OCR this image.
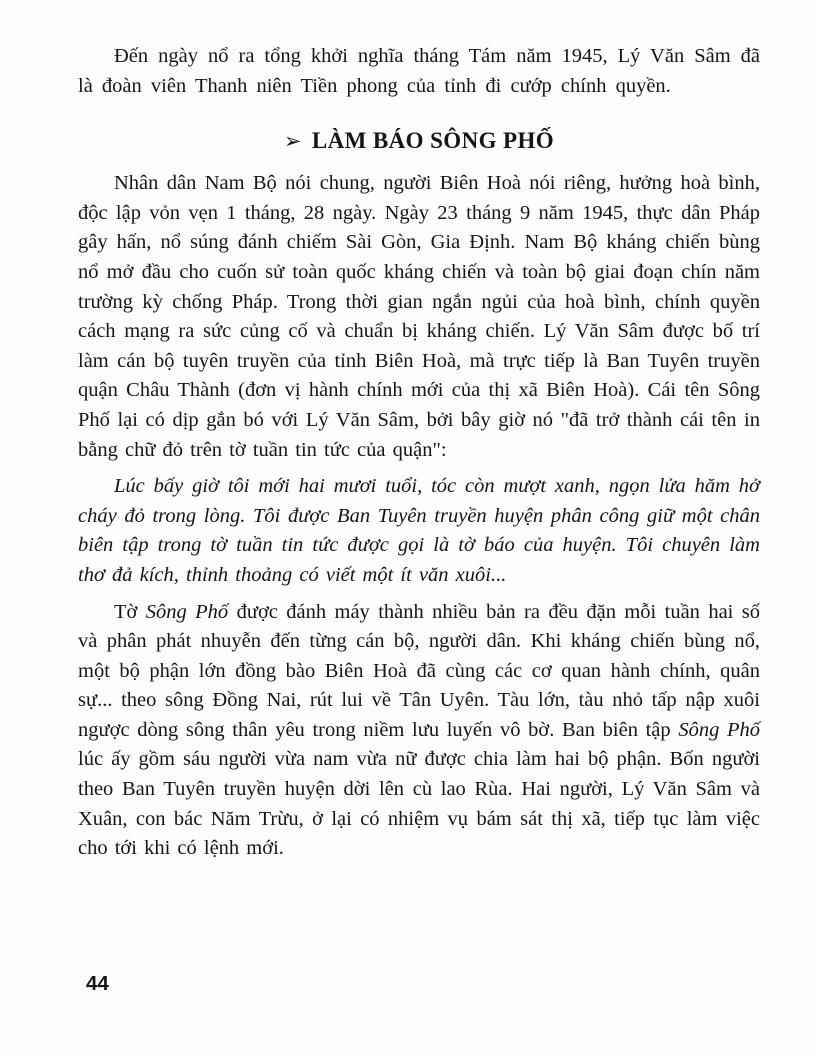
Đến ngày nổ ra tổng khởi nghĩa tháng Tám năm 1945, Lý Văn Sâm đã là đoàn viên Thanh niên Tiền phong của tỉnh đi cướp chính quyền.

➢ LÀM BÁO SÔNG PHỐ

Nhân dân Nam Bộ nói chung, người Biên Hoà nói riêng, hưởng hoà bình, độc lập vỏn vẹn 1 tháng, 28 ngày. Ngày 23 tháng 9 năm 1945, thực dân Pháp gây hấn, nổ súng đánh chiếm Sài Gòn, Gia Định. Nam Bộ kháng chiến bùng nổ mở đầu cho cuốn sử toàn quốc kháng chiến và toàn bộ giai đoạn chín năm trường kỳ chống Pháp. Trong thời gian ngắn ngủi của hoà bình, chính quyền cách mạng ra sức củng cố và chuẩn bị kháng chiến. Lý Văn Sâm được bố trí làm cán bộ tuyên truyền của tỉnh Biên Hoà, mà trực tiếp là Ban Tuyên truyền quận Châu Thành (đơn vị hành chính mới của thị xã Biên Hoà). Cái tên Sông Phố lại có dịp gắn bó với Lý Văn Sâm, bởi bây giờ nó "đã trở thành cái tên in bằng chữ đỏ trên tờ tuần tin tức của quận":

Lúc bấy giờ tôi mới hai mươi tuổi, tóc còn mượt xanh, ngọn lửa hăm hở cháy đỏ trong lòng. Tôi được Ban Tuyên truyền huyện phân công giữ một chân biên tập trong tờ tuần tin tức được gọi là tờ báo của huyện. Tôi chuyên làm thơ đả kích, thỉnh thoảng có viết một ít văn xuôi...

Tờ Sông Phố được đánh máy thành nhiều bản ra đều đặn mỗi tuần hai số và phân phát nhuyễn đến từng cán bộ, người dân. Khi kháng chiến bùng nổ, một bộ phận lớn đồng bào Biên Hoà đã cùng các cơ quan hành chính, quân sự... theo sông Đồng Nai, rút lui về Tân Uyên. Tàu lớn, tàu nhỏ tấp nập xuôi ngược dòng sông thân yêu trong niềm lưu luyến vô bờ. Ban biên tập Sông Phố lúc ấy gồm sáu người vừa nam vừa nữ được chia làm hai bộ phận. Bốn người theo Ban Tuyên truyền huyện dời lên cù lao Rùa. Hai người, Lý Văn Sâm và Xuân, con bác Năm Trừu, ở lại có nhiệm vụ bám sát thị xã, tiếp tục làm việc cho tới khi có lệnh mới.

44
